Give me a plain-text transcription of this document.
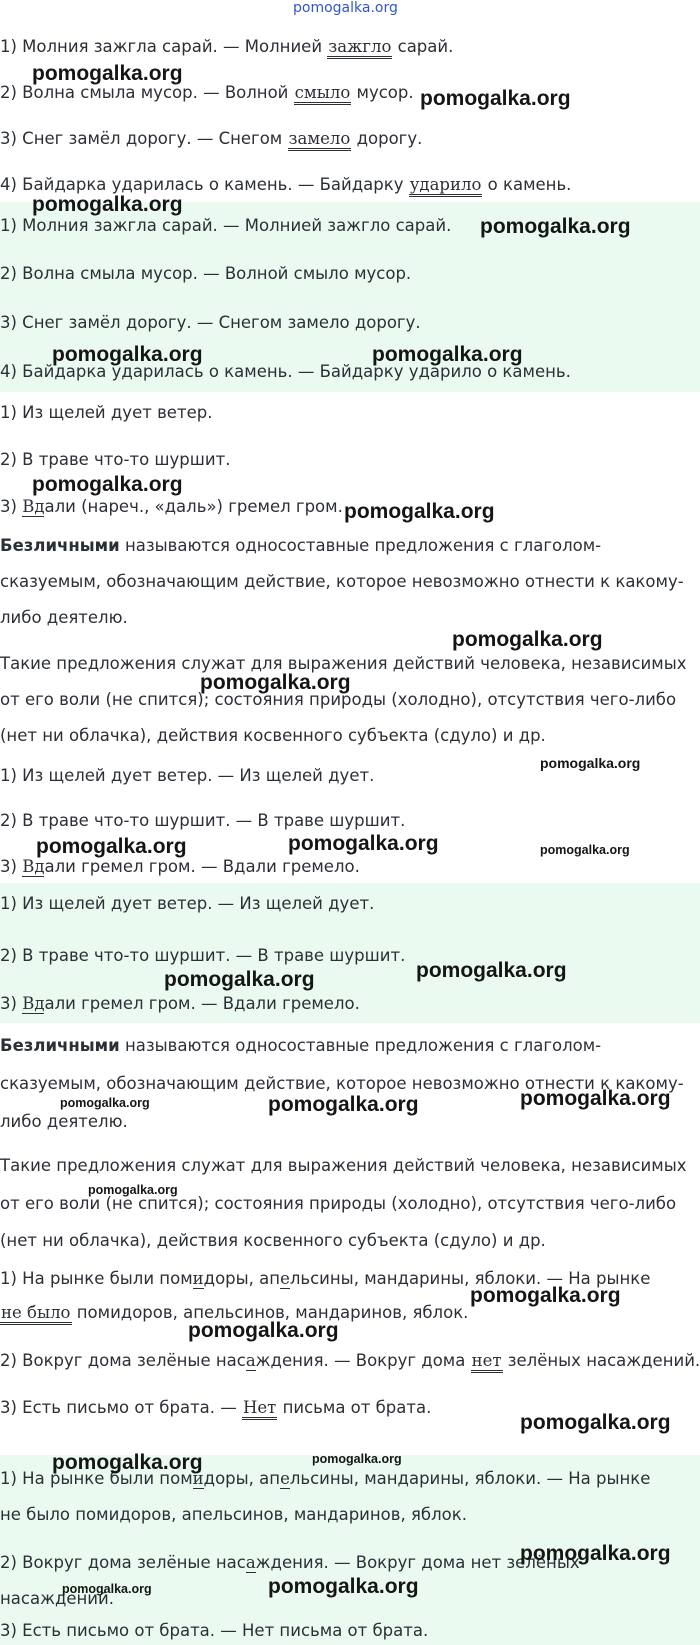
pomogalka.org
1) Молния зажгла сарай. — Молнией зажгло сарай.
2) Волна смыла мусор. — Волной смыло мусор.
3) Снег замёл дорогу. — Снегом замело дорогу.
4) Байдарка ударилась о камень. — Байдарку ударило о камень.
1) Молния зажгла сарай. — Молнией зажгло сарай.
2) Волна смыла мусор. — Волной смыло мусор.
3) Снег замёл дорогу. — Снегом замело дорогу.
4) Байдарка ударилась о камень. — Байдарку ударило о камень.
1) Из щелей дует ветер.
2) В траве что-то шуршит.
3) Вдали (нареч., «даль») гремел гром.
Безличными называются односоставные предложения с глаголом-
сказуемым, обозначающим действие, которое невозможно отнести к какому-
либо деятелю.
Такие предложения служат для выражения действий человека, независимых
от его воли (не спится); состояния природы (холодно), отсутствия чего-либо
(нет ни облачка), действия косвенного субъекта (сдуло) и др.
1) Из щелей дует ветер. — Из щелей дует.
2) В траве что-то шуршит. — В траве шуршит.
3) Вдали гремел гром. — Вдали гремело.
1) Из щелей дует ветер. — Из щелей дует.
2) В траве что-то шуршит. — В траве шуршит.
3) Вдали гремел гром. — Вдали гремело.
Безличными называются односоставные предложения с глаголом-
сказуемым, обозначающим действие, которое невозможно отнести к какому-
либо деятелю.
Такие предложения служат для выражения действий человека, независимых
от его воли (не спится); состояния природы (холодно), отсутствия чего-либо
(нет ни облачка), действия косвенного субъекта (сдуло) и др.
1) На рынке были помидоры, апельсины, мандарины, яблоки. — На рынке
не было помидоров, апельсинов, мандаринов, яблок.
2) Вокруг дома зелёные насаждения. — Вокруг дома нет зелёных насаждений.
3) Есть письмо от брата. — Нет письма от брата.
1) На рынке были помидоры, апельсины, мандарины, яблоки. — На рынке
не было помидоров, апельсинов, мандаринов, яблок.
2) Вокруг дома зелёные насаждения. — Вокруг дома нет зелёных
насаждений.
3) Есть письмо от брата. — Нет письма от брата.
pomogalka.org
pomogalka.org
pomogalka.org
pomogalka.org
pomogalka.org	pomogalka.org
pomogalka.org
pomogalka.org
pomogalka.org
pomogalka.org
pomogalka.org
pomogalka.org	pomogalka.org	pomogalka.org
pomogalka.org
pomogalka.org
pomogalka.org	pomogalka.org	pomogalka.org
pomogalka.org
pomogalka.org
pomogalka.org
pomogalka.org
pomogalka.org	pomogalka.org
pomogalka.org
pomogalka.org	pomogalka.org
